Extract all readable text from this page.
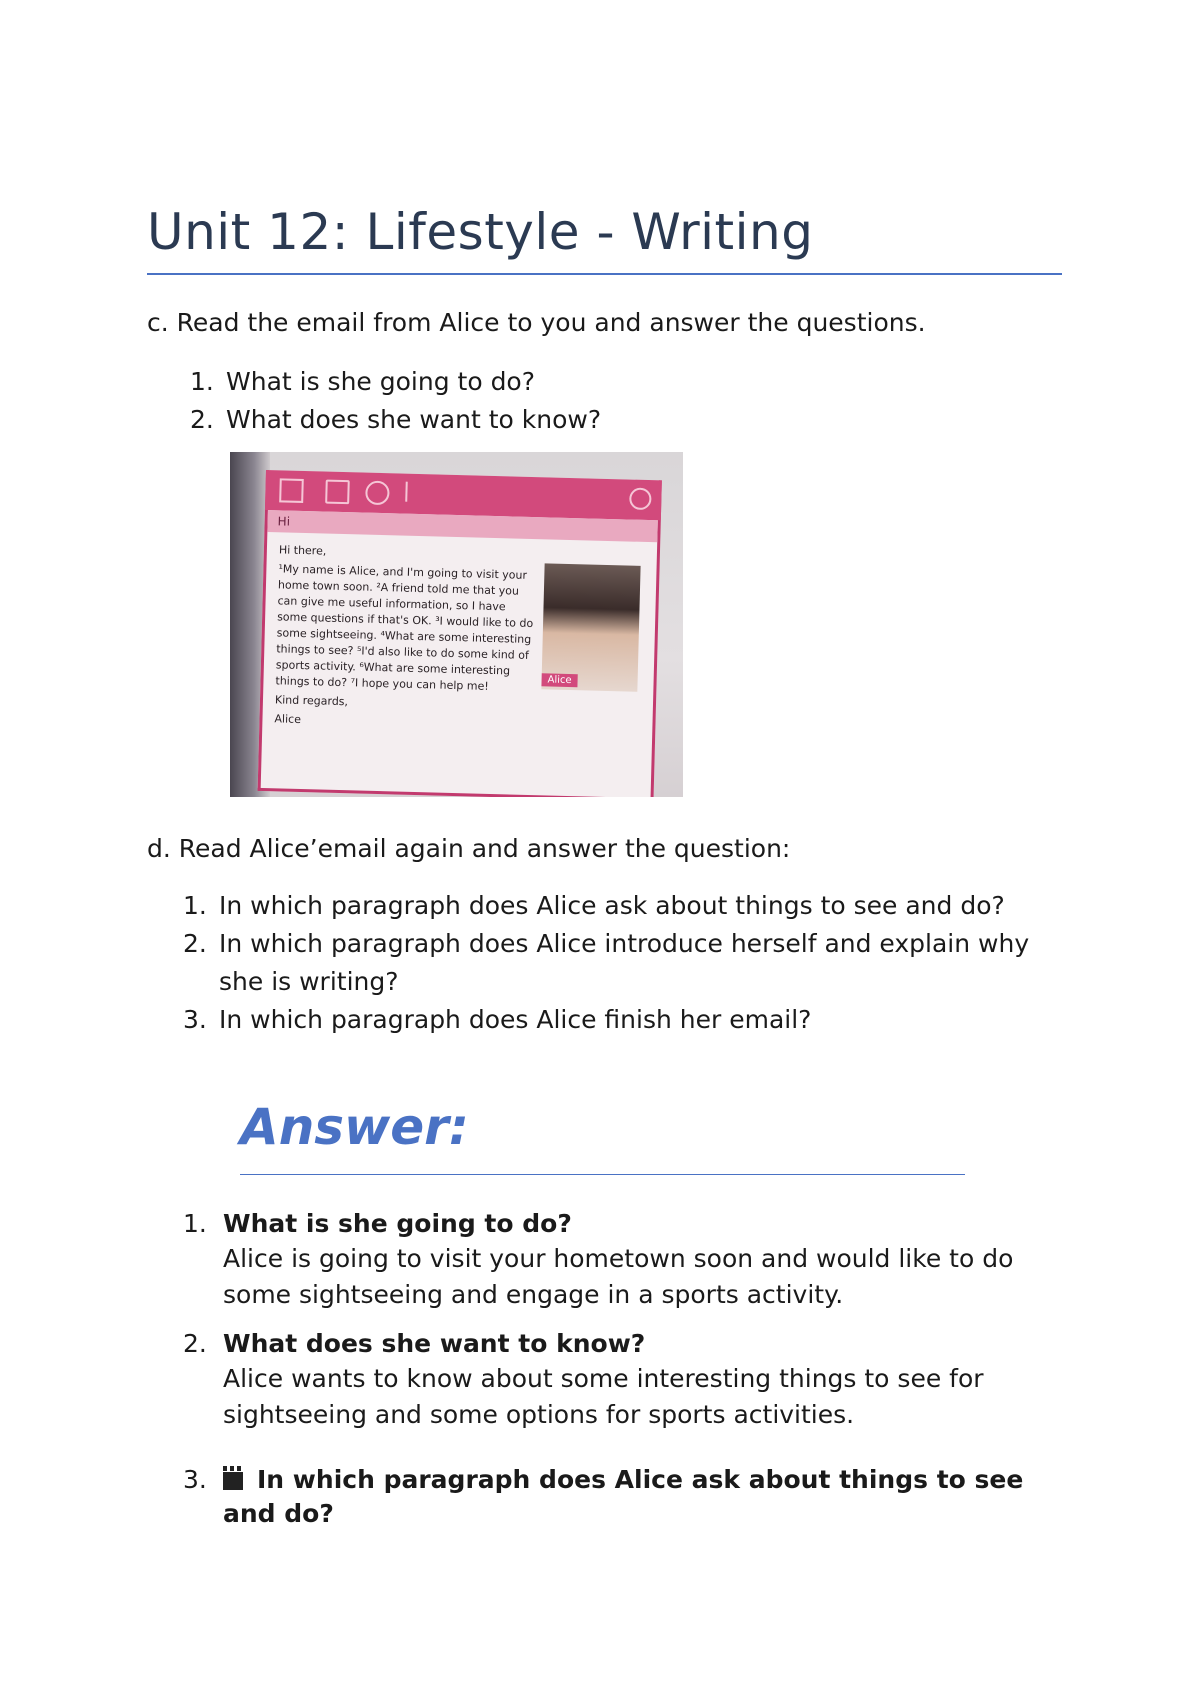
Unit 12: Lifestyle - Writing

c. Read the email from Alice to you and answer the questions.

1. What is she going to do?
2. What does she want to know?
Hi

Hi there,

¹My name is Alice, and I'm going to visit your home town soon. ²A friend told me that you can give me useful information, so I have some questions if that's OK. ³I would like to do some sightseeing. ⁴What are some interesting things to see? ⁵I'd also like to do some kind of sports activity. ⁶What are some interesting things to do? ⁷I hope you can help me!

Kind regards,

Alice

Alice

d. Read Alice’email again and answer the question:

1. In which paragraph does Alice ask about things to see and do?
2. In which paragraph does Alice introduce herself and explain why she is writing?
3. In which paragraph does Alice finish her email?
Answer:
1. What is she going to do?
Alice is going to visit your hometown soon and would like to do some sightseeing and engage in a sports activity.
2. What does she want to know?
Alice wants to know about some interesting things to see for sightseeing and some options for sports activities.
3.	In which paragraph does Alice ask about things to see and do?
